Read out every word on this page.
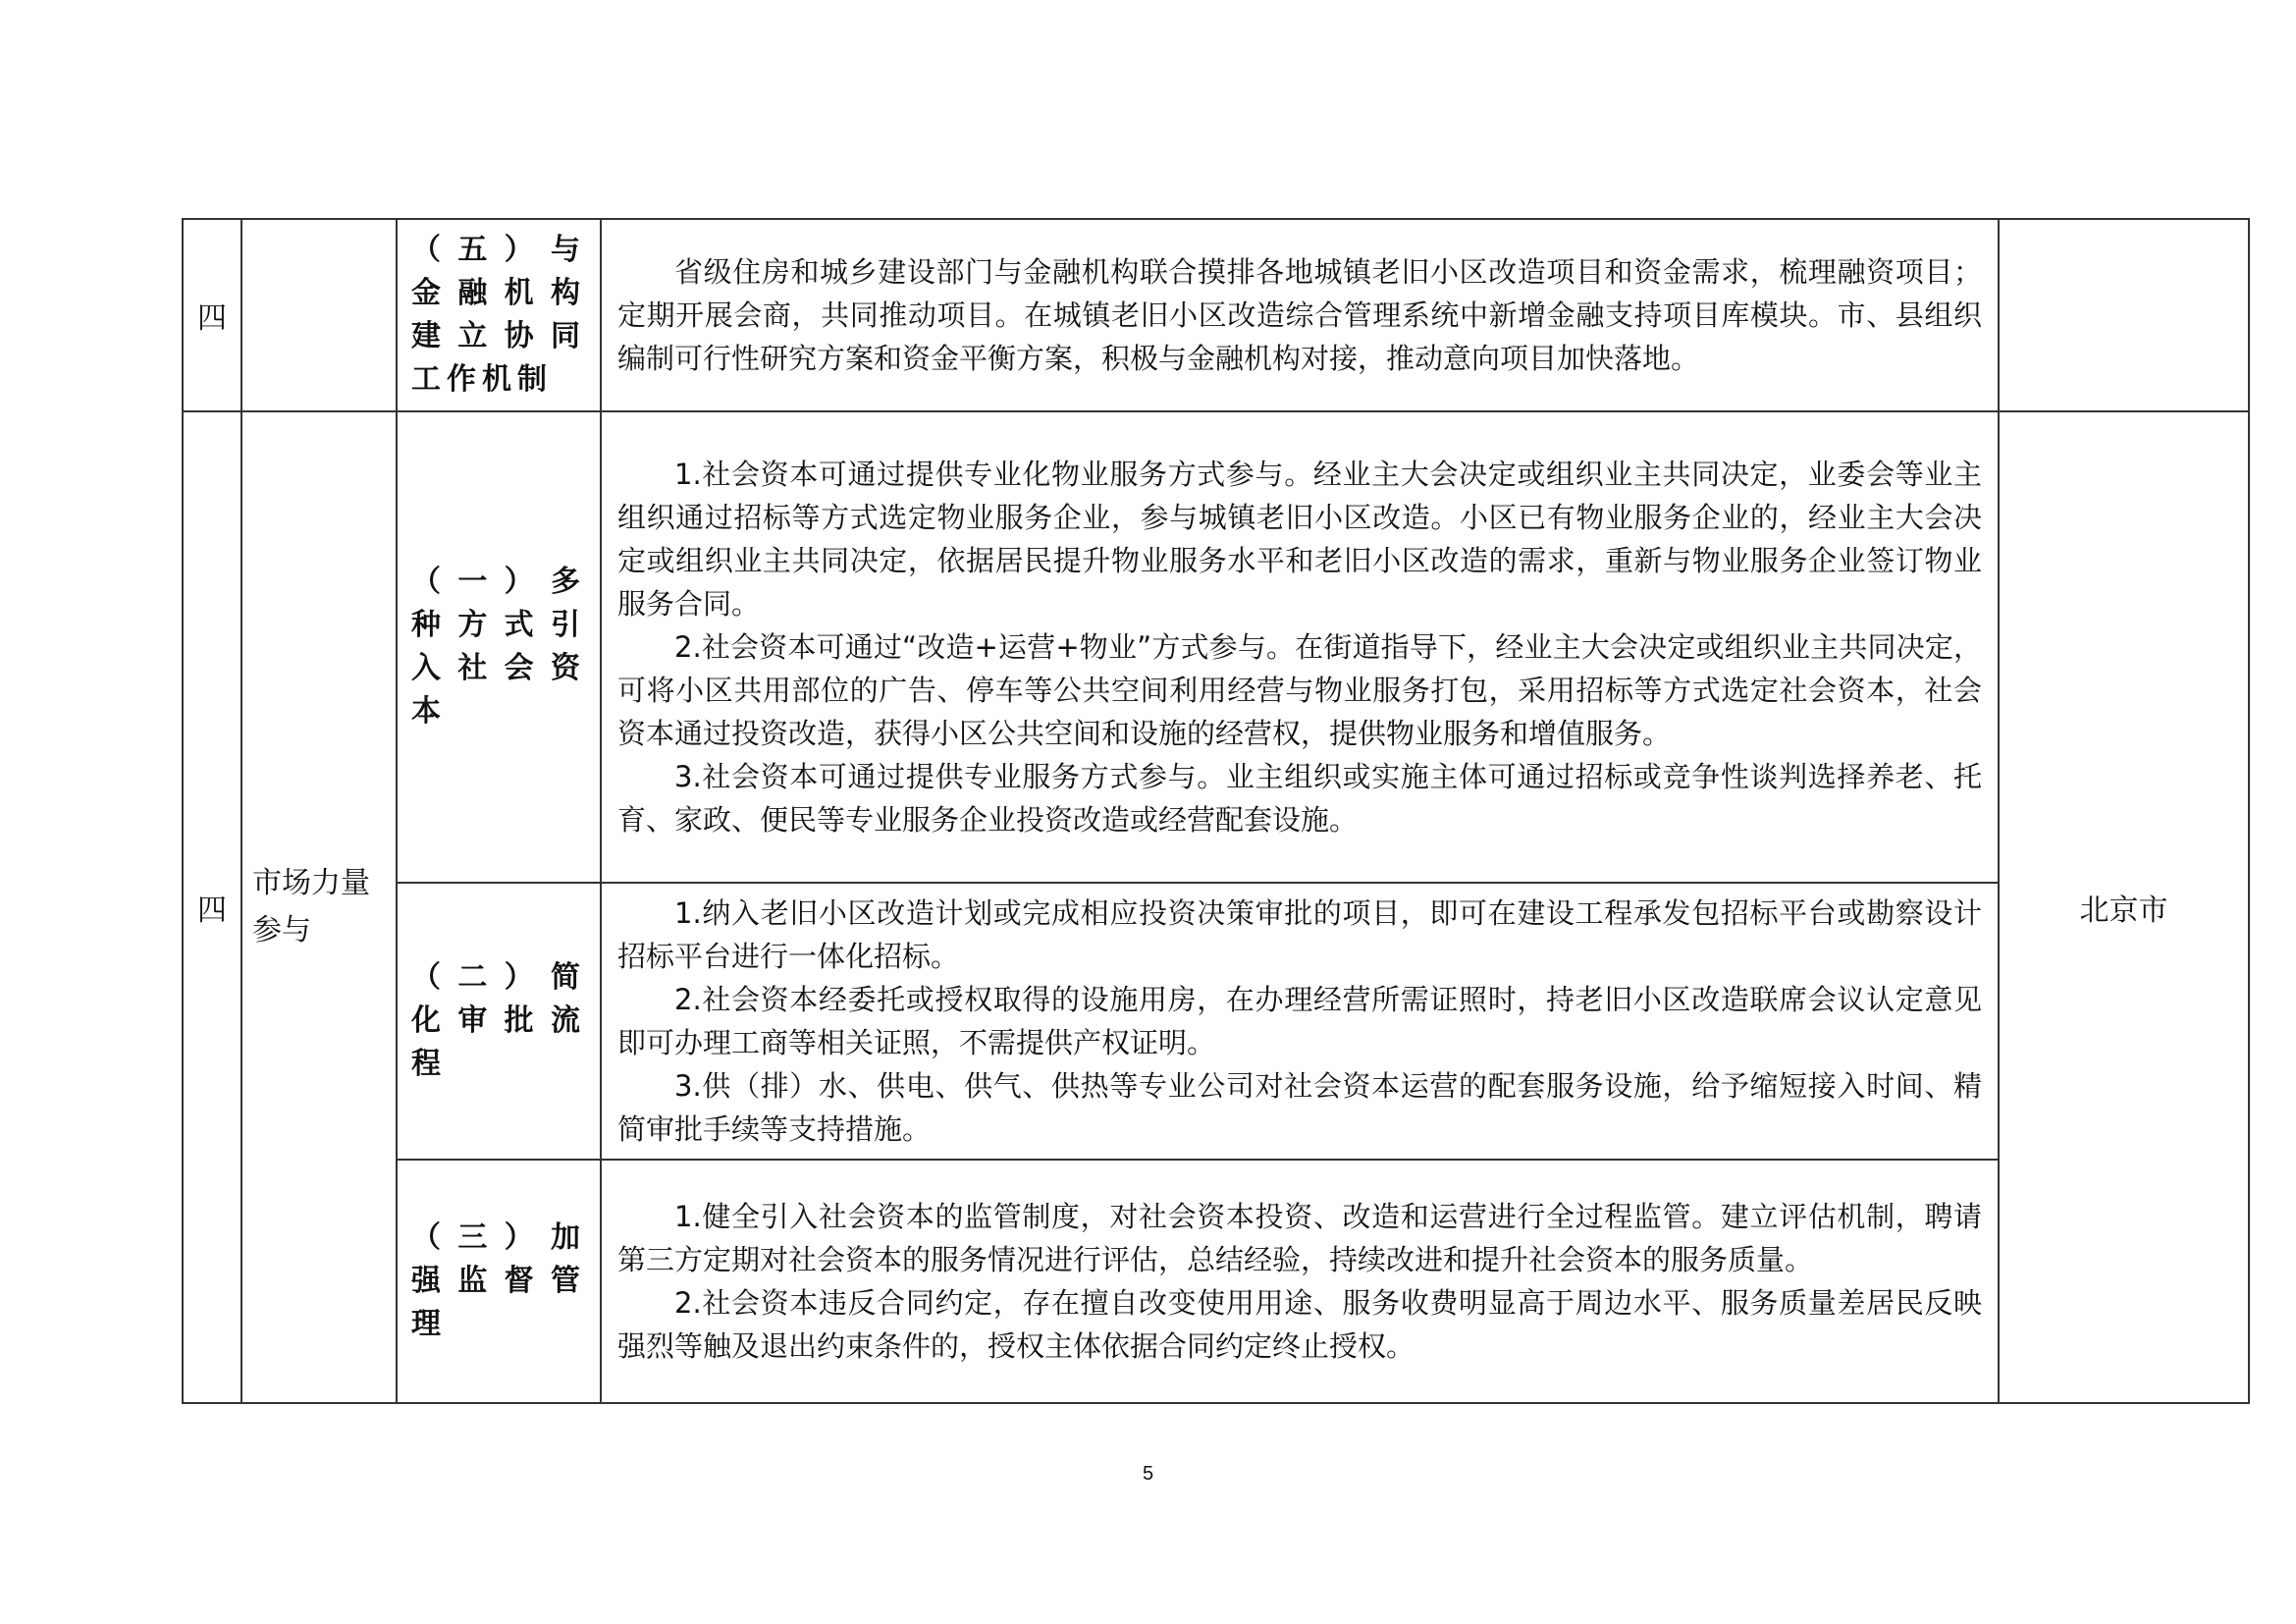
四		（五）与金融机构建立协同工作机制	省级住房和城乡建设部门与金融机构联合摸排各地城镇老旧小区改造项目和资金需求，梳理融资项目；定期开展会商，共同推动项目。在城镇老旧小区改造综合管理系统中新增金融支持项目库模块。市、县组织编制可行性研究方案和资金平衡方案，积极与金融机构对接，推动意向项目加快落地。	

四	市场力量参与	（一）多种方式引入社会资本	1.社会资本可通过提供专业化物业服务方式参与。经业主大会决定或组织业主共同决定，业委会等业主组织通过招标等方式选定物业服务企业，参与城镇老旧小区改造。小区已有物业服务企业的，经业主大会决定或组织业主共同决定，依据居民提升物业服务水平和老旧小区改造的需求，重新与物业服务企业签订物业服务合同。

2.社会资本可通过“改造+运营+物业”方式参与。在街道指导下，经业主大会决定或组织业主共同决定，可将小区共用部位的广告、停车等公共空间利用经营与物业服务打包，采用招标等方式选定社会资本，社会资本通过投资改造，获得小区公共空间和设施的经营权，提供物业服务和增值服务。

3.社会资本可通过提供专业服务方式参与。业主组织或实施主体可通过招标或竞争性谈判选择养老、托育、家政、便民等专业服务企业投资改造或经营配套设施。	北京市
		（二）简化审批流程	1.纳入老旧小区改造计划或完成相应投资决策审批的项目，即可在建设工程承发包招标平台或勘察设计招标平台进行一体化招标。

2.社会资本经委托或授权取得的设施用房，在办理经营所需证照时，持老旧小区改造联席会议认定意见即可办理工商等相关证照，不需提供产权证明。

3.供（排）水、供电、供气、供热等专业公司对社会资本运营的配套服务设施，给予缩短接入时间、精简审批手续等支持措施。	

		（三）加强监督管理	1.健全引入社会资本的监管制度，对社会资本投资、改造和运营进行全过程监管。建立评估机制，聘请第三方定期对社会资本的服务情况进行评估，总结经验，持续改进和提升社会资本的服务质量。

2.社会资本违反合同约定，存在擅自改变使用用途、服务收费明显高于周边水平、服务质量差居民反映强烈等触及退出约束条件的，授权主体依据合同约定终止授权。	

5
